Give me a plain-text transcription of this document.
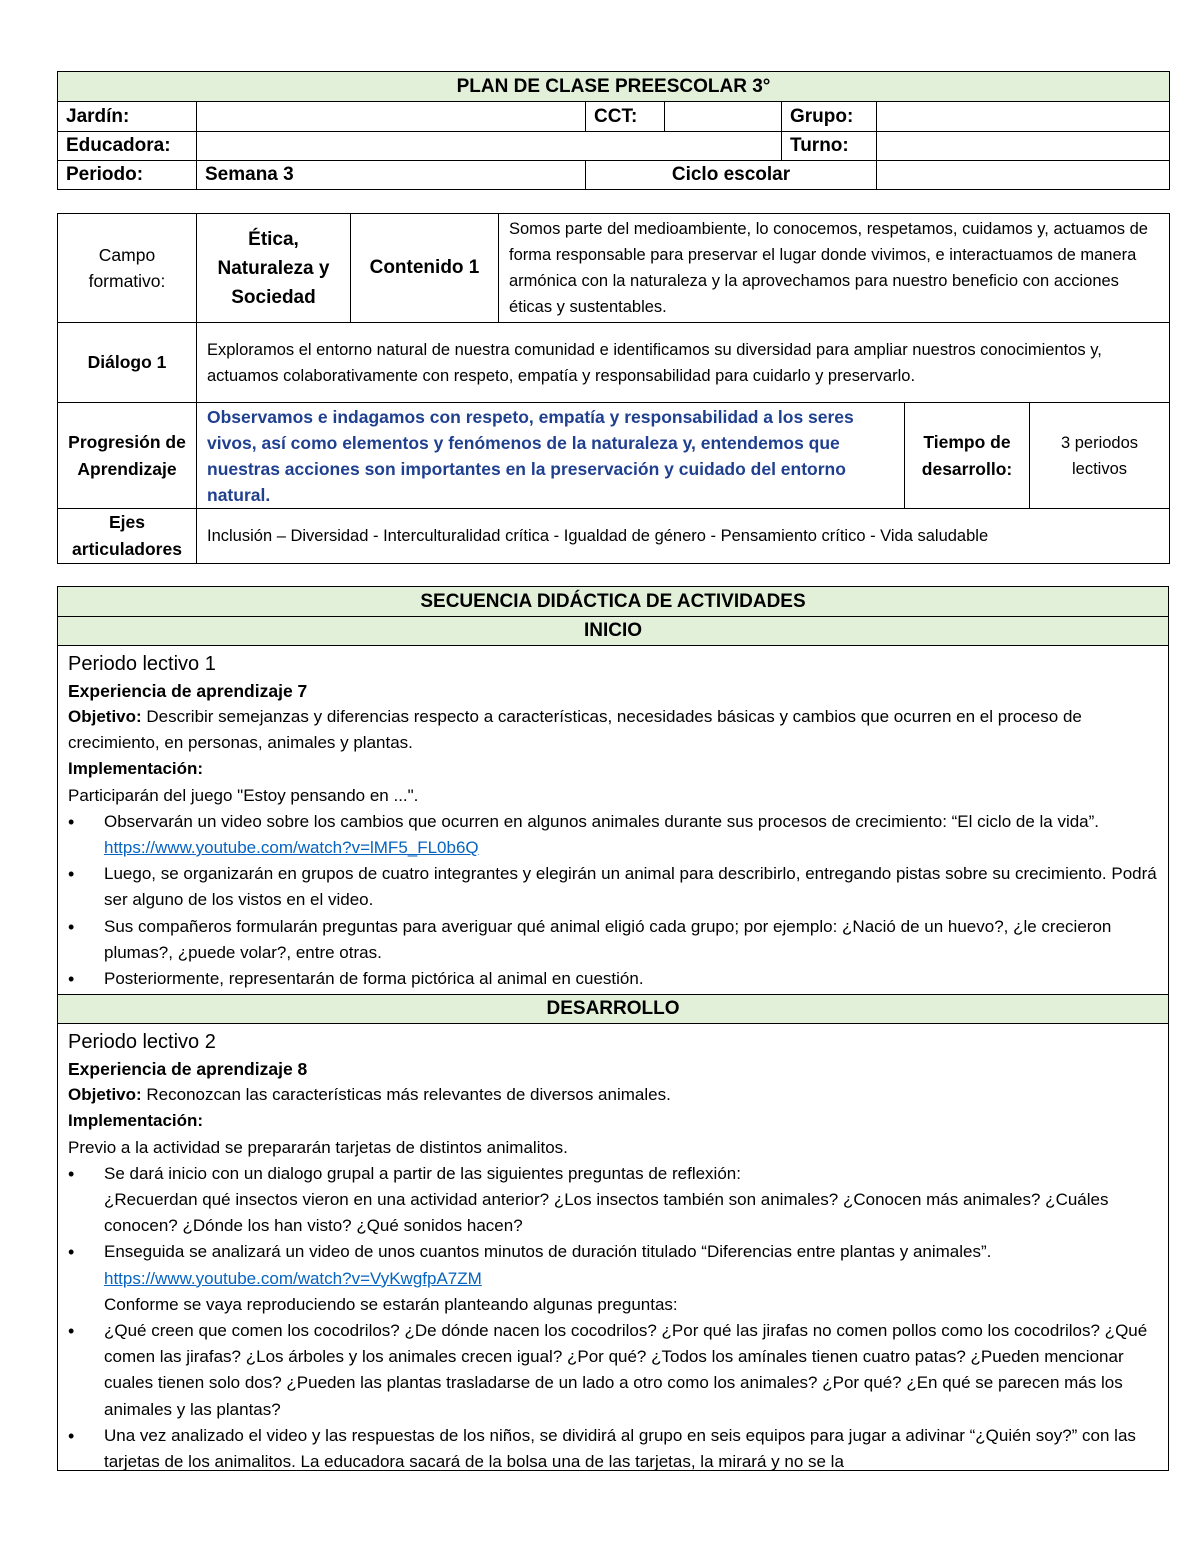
PLAN DE CLASE PREESCOLAR 3°					
Jardín:		CCT:		Grupo:	
Educadora:				Turno:	
Periodo:	Semana 3	Ciclo escolar			
Campo formativo:	Ética, Naturaleza y Sociedad	Contenido 1	Somos parte del medioambiente, lo conocemos, respetamos, cuidamos y, actuamos de forma responsable para preservar el lugar donde vivimos, e interactuamos de manera armónica con la naturaleza y la aprovechamos para nuestro beneficio con acciones éticas y sustentables.		
Diálogo 1	Exploramos el entorno natural de nuestra comunidad e identificamos su diversidad para ampliar nuestros conocimientos y, actuamos colaborativamente con respeto, empatía y responsabilidad para cuidarlo y preservarlo.				
Progresión de Aprendizaje	Observamos e indagamos con respeto, empatía y responsabilidad a los seres vivos, así como elementos y fenómenos de la naturaleza y, entendemos que nuestras acciones son importantes en la preservación y cuidado del entorno natural.			Tiempo de desarrollo:	3 periodos lectivos
Ejes articuladores	Inclusión – Diversidad - Interculturalidad crítica - Igualdad de género - Pensamiento crítico - Vida saludable				
SECUENCIA DIDÁCTICA DE ACTIVIDADES
INICIO

Periodo lectivo 1

Experiencia de aprendizaje 7

Objetivo: Describir semejanzas y diferencias respecto a características, necesidades básicas y cambios que ocurren en el proceso de crecimiento, en personas, animales y plantas.

Implementación:

Participarán del juego "Estoy pensando en ...".

• Observarán un video sobre los cambios que ocurren en algunos animales durante sus procesos de crecimiento: “El ciclo de la vida”. https://www.youtube.com/watch?v=lMF5_FL0b6Q
• Luego, se organizarán en grupos de cuatro integrantes y elegirán un animal para describirlo, entregando pistas sobre su crecimiento. Podrá ser alguno de los vistos en el video.
• Sus compañeros formularán preguntas para averiguar qué animal eligió cada grupo; por ejemplo: ¿Nació de un huevo?, ¿le crecieron plumas?, ¿puede volar?, entre otras.
• Posteriormente, representarán de forma pictórica al animal en cuestión.

DESARROLLO

Periodo lectivo 2

Experiencia de aprendizaje 8

Objetivo: Reconozcan las características más relevantes de diversos animales.

Implementación:

Previo a la actividad se prepararán tarjetas de distintos animalitos.

• Se dará inicio con un dialogo grupal a partir de las siguientes preguntas de reflexión:
¿Recuerdan qué insectos vieron en una actividad anterior? ¿Los insectos también son animales? ¿Conocen más animales? ¿Cuáles conocen? ¿Dónde los han visto? ¿Qué sonidos hacen?
• Enseguida se analizará un video de unos cuantos minutos de duración titulado “Diferencias entre plantas y animales”.
https://www.youtube.com/watch?v=VyKwgfpA7ZM
Conforme se vaya reproduciendo se estarán planteando algunas preguntas:
• ¿Qué creen que comen los cocodrilos? ¿De dónde nacen los cocodrilos? ¿Por qué las jirafas no comen pollos como los cocodrilos? ¿Qué comen las jirafas? ¿Los árboles y los animales crecen igual? ¿Por qué? ¿Todos los amínales tienen cuatro patas? ¿Pueden mencionar cuales tienen solo dos? ¿Pueden las plantas trasladarse de un lado a otro como los animales? ¿Por qué? ¿En qué se parecen más los animales y las plantas?
• Una vez analizado el video y las respuestas de los niños, se dividirá al grupo en seis equipos para jugar a adivinar “¿Quién soy?” con las tarjetas de los animalitos. La educadora sacará de la bolsa una de las tarjetas, la mirará y no se la
